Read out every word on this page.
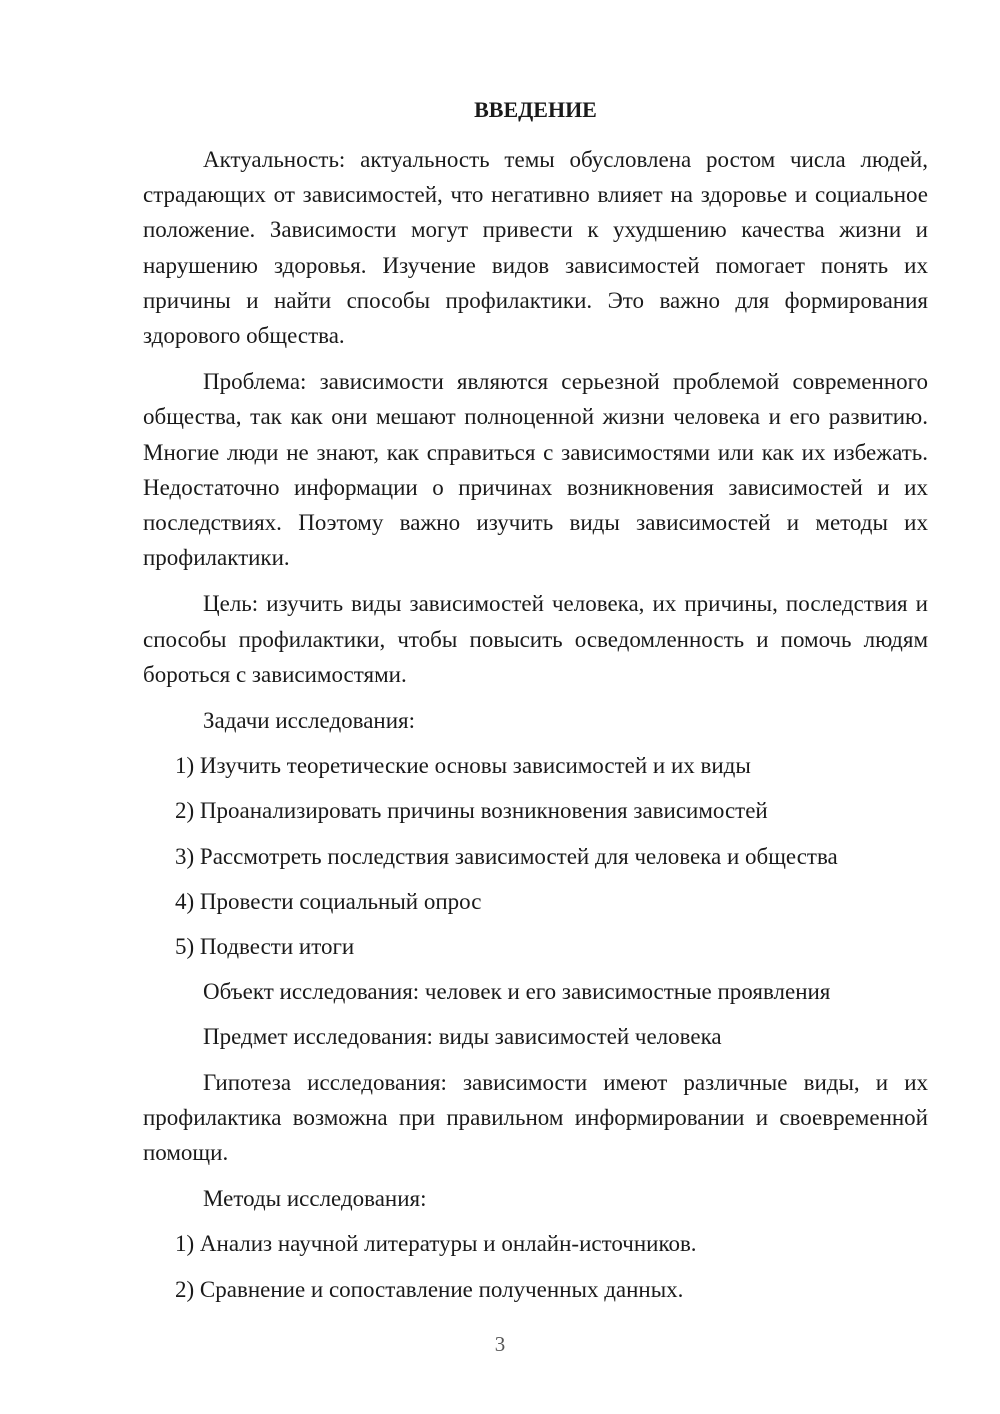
ВВЕДЕНИЕ

Актуальность: актуальность темы обусловлена ростом числа людей, страдающих от зависимостей, что негативно влияет на здоровье и социальное положение. Зависимости могут привести к ухудшению качества жизни и нарушению здоровья. Изучение видов зависимостей помогает понять их причины и найти способы профилактики. Это важно для формирования здорового общества.

Проблема: зависимости являются серьезной проблемой современного общества, так как они мешают полноценной жизни человека и его развитию. Многие люди не знают, как справиться с зависимостями или как их избежать. Недостаточно информации о причинах возникновения зависимостей и их последствиях. Поэтому важно изучить виды зависимостей и методы их профилактики.

Цель: изучить виды зависимостей человека, их причины, последствия и способы профилактики, чтобы повысить осведомленность и помочь людям бороться с зависимостями.

Задачи исследования:

1) Изучить теоретические основы зависимостей и их виды

2) Проанализировать причины возникновения зависимостей

3) Рассмотреть последствия зависимостей для человека и общества

4) Провести социальный опрос

5) Подвести итоги

Объект исследования: человек и его зависимостные проявления

Предмет исследования: виды зависимостей человека

Гипотеза исследования: зависимости имеют различные виды, и их профилактика возможна при правильном информировании и своевременной помощи.

Методы исследования:

1) Анализ научной литературы и онлайн-источников.

2) Сравнение и сопоставление полученных данных.

3
